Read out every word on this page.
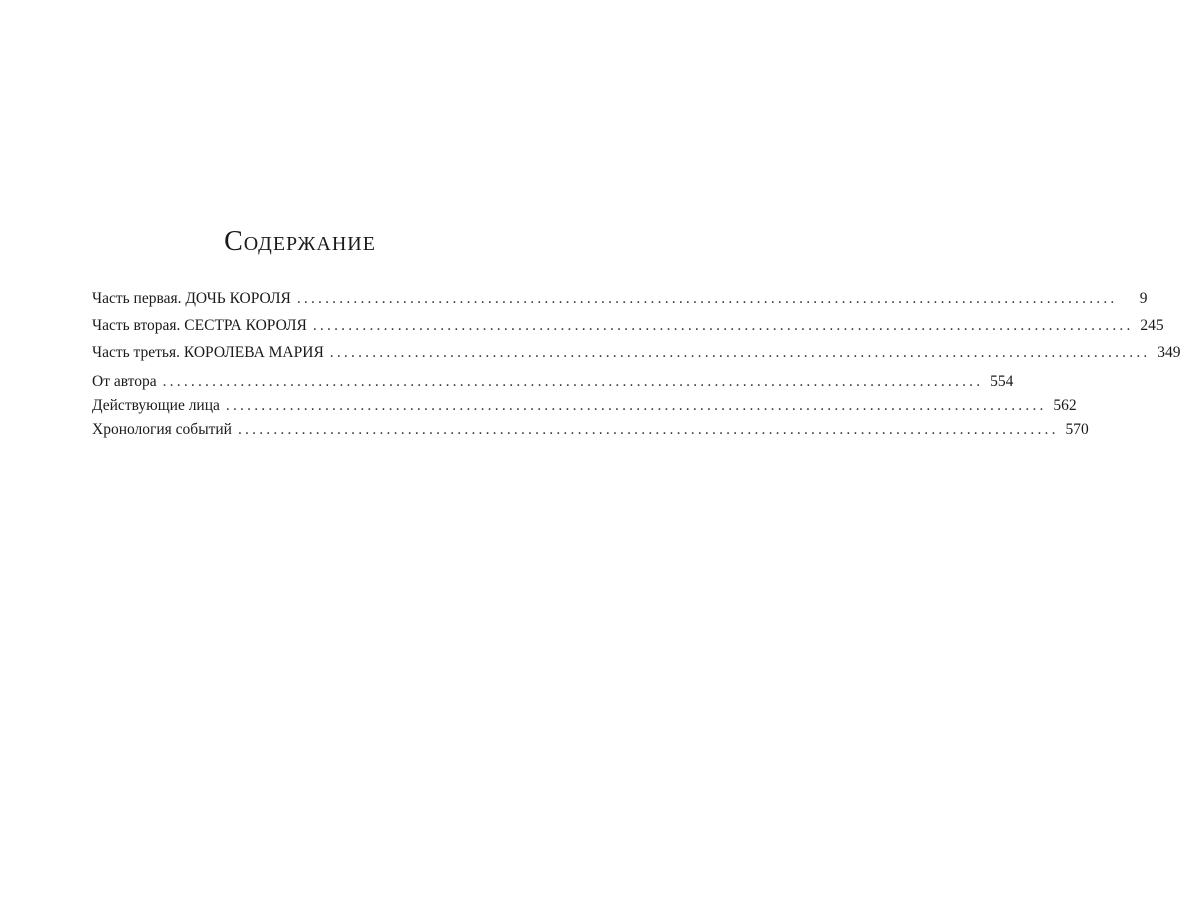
Содержание
Часть первая. ДОЧЬ КОРОЛЯ ....................................................................................................................	9
Часть вторая. СЕСТРА КОРОЛЯ .................................................................................................................... 245
Часть третья. КОРОЛЕВА МАРИЯ .................................................................................................................... 349
От автора .................................................................................................................... 554
Действующие лица .................................................................................................................... 562
Хронология событий .................................................................................................................... 570
